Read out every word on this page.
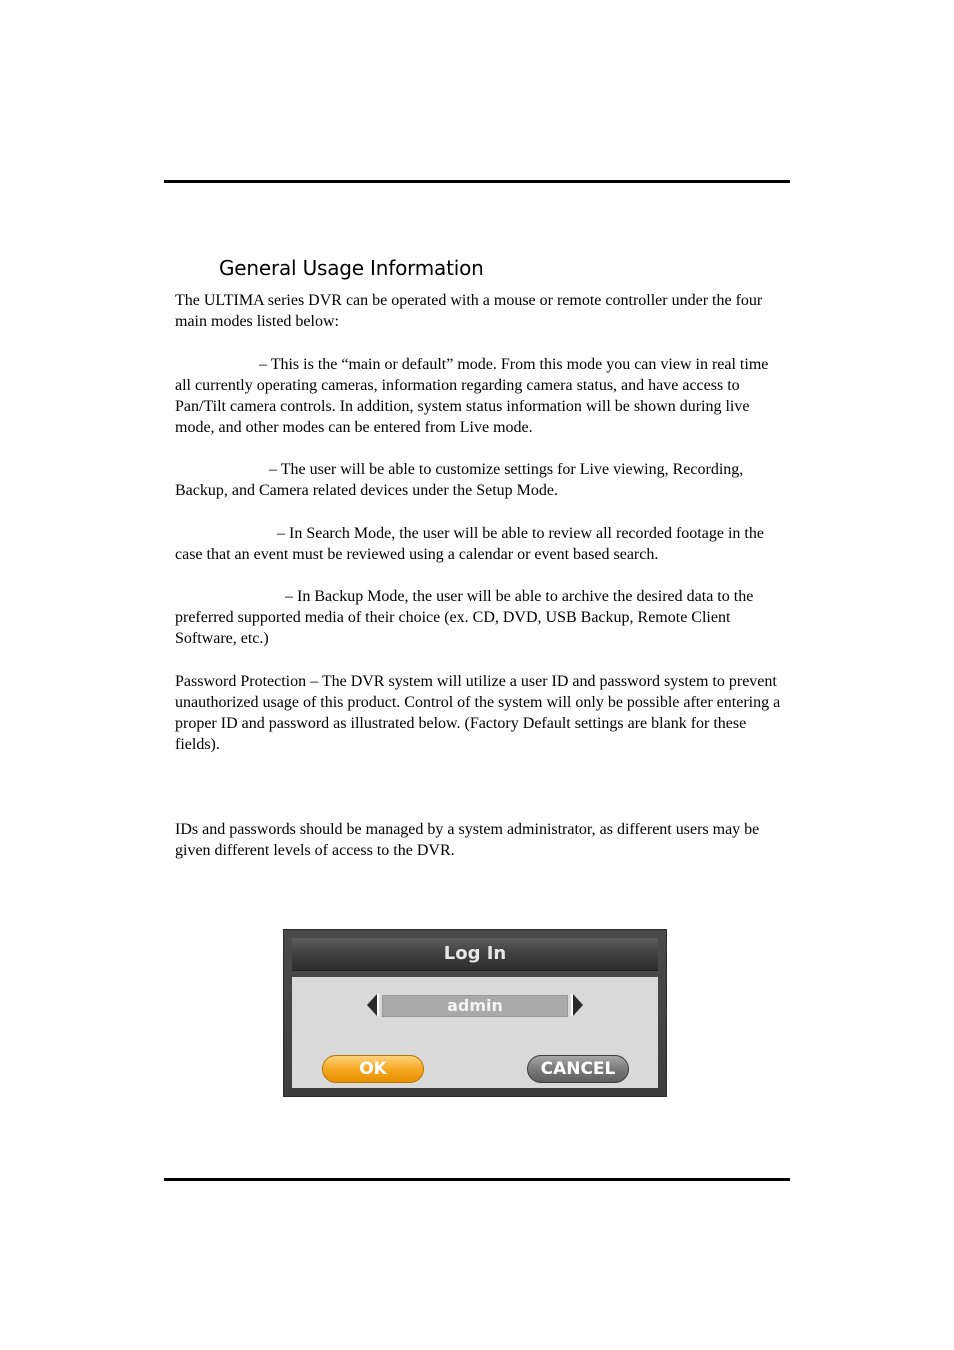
General Usage Information

The ULTIMA series DVR can be operated with a mouse or remote controller under the four main modes listed below:

– This is the “main or default” mode. From this mode you can view in real time all currently operating cameras, information regarding camera status, and have access to Pan/Tilt camera controls. In addition, system status information will be shown during live mode, and other modes can be entered from Live mode.

– The user will be able to customize settings for Live viewing, Recording, Backup, and Camera related devices under the Setup Mode.

– In Search Mode, the user will be able to review all recorded footage in the case that an event must be reviewed using a calendar or event based search.

– In Backup Mode, the user will be able to archive the desired data to the preferred supported media of their choice (ex. CD, DVD, USB Backup, Remote Client Software, etc.)

Password Protection – The DVR system will utilize a user ID and password system to prevent unauthorized usage of this product. Control of the system will only be possible after entering a proper ID and password as illustrated below. (Factory Default settings are blank for these fields).

IDs and passwords should be managed by a system administrator, as different users may be given different levels of access to the DVR.

Log In
admin
OK	CANCEL
